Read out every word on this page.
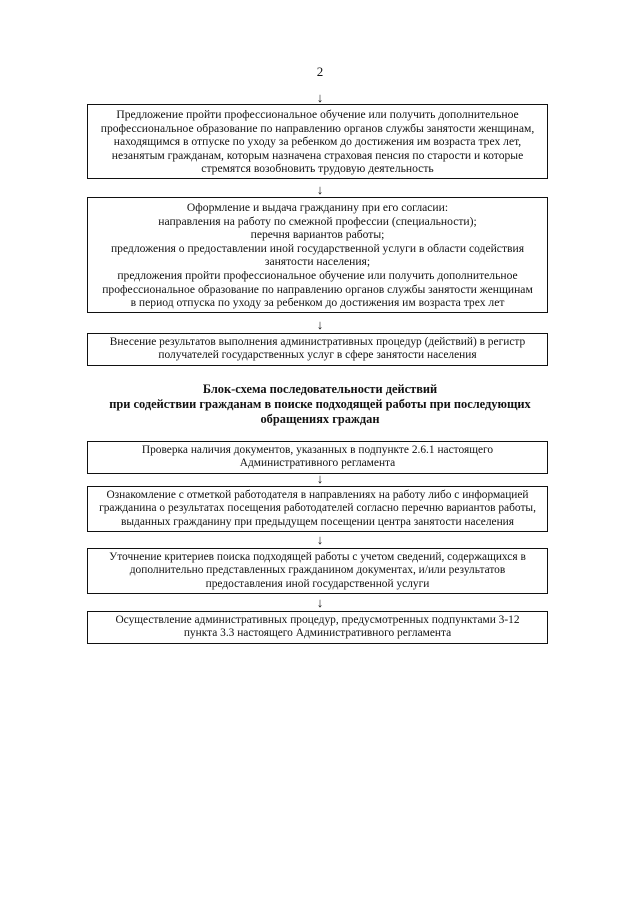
2
↓
Предложение пройти профессиональное обучение или получить дополнительное
профессиональное образование по направлению органов службы занятости женщинам,
находящимся в отпуске по уходу за ребенком до достижения им возраста трех лет,
незанятым гражданам, которым назначена страховая пенсия по старости и которые
стремятся возобновить трудовую деятельность
↓
Оформление и выдача гражданину при его согласии:
направления на работу по смежной профессии (специальности);
перечня вариантов работы;
предложения о предоставлении иной государственной услуги в области содействия
занятости населения;
предложения пройти профессиональное обучение или получить дополнительное
профессиональное образование по направлению органов службы занятости женщинам
в период отпуска по уходу за ребенком до достижения им возраста трех лет
↓
Внесение результатов выполнения административных процедур (действий) в регистр
получателей государственных услуг в сфере занятости населения
Блок-схема последовательности действий
при содействии гражданам в поиске подходящей работы при последующих
обращениях граждан
Проверка наличия документов, указанных в подпункте 2.6.1 настоящего
Административного регламента
↓
Ознакомление с отметкой работодателя в направлениях на работу либо с информацией
гражданина о результатах посещения работодателей согласно перечню вариантов работы,
выданных гражданину при предыдущем посещении центра занятости населения
↓
Уточнение критериев поиска подходящей работы с учетом сведений, содержащихся в
дополнительно представленных гражданином документах, и/или результатов
предоставления иной государственной услуги
↓
Осуществление административных процедур, предусмотренных подпунктами 3-12
пункта 3.3 настоящего Административного регламента
